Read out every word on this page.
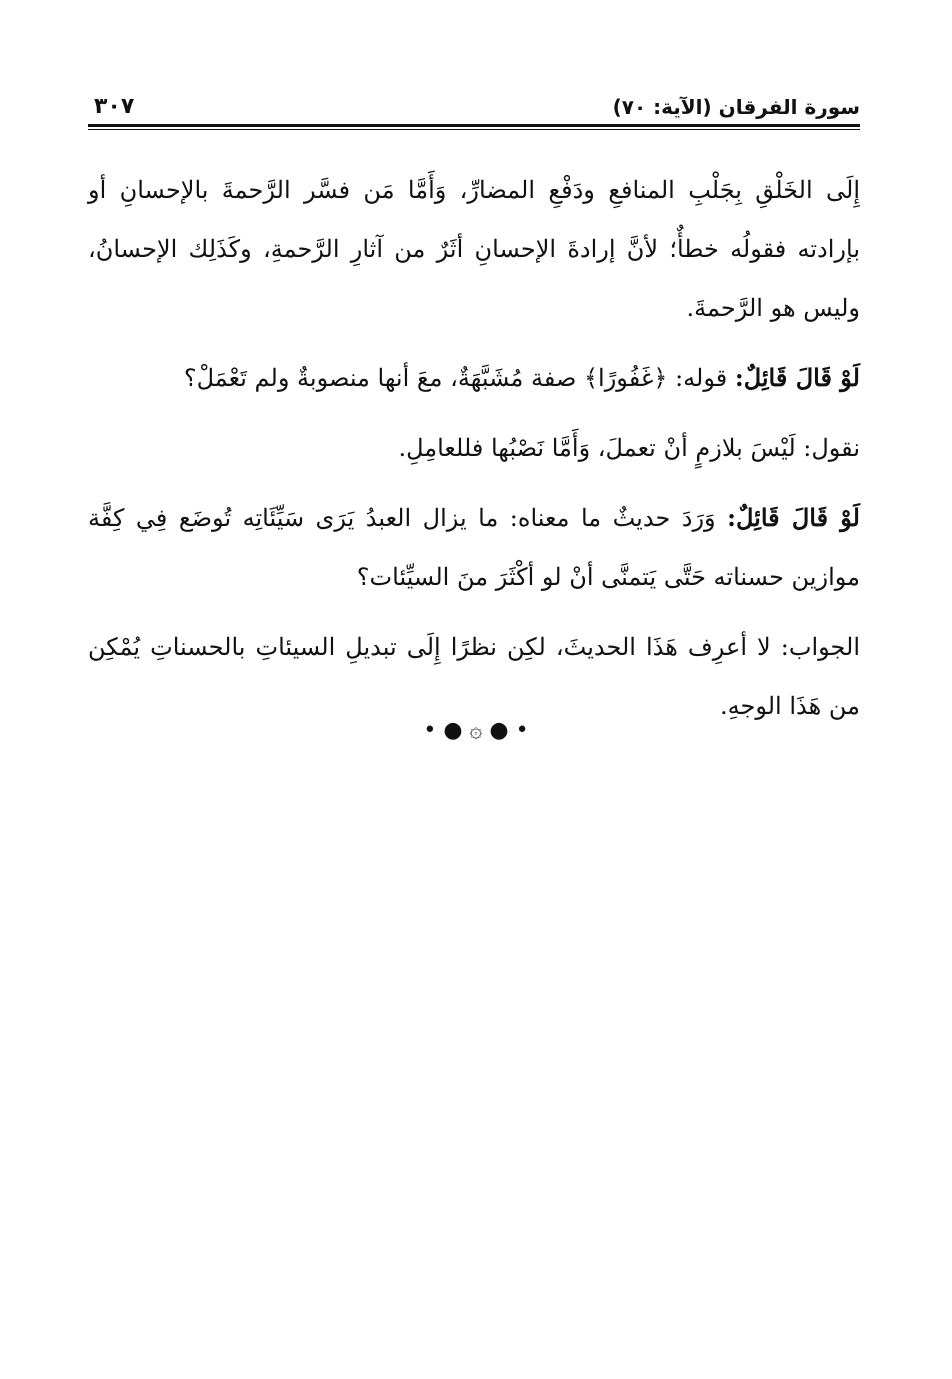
سورة الفرقان (الآية: ٧٠)
٣٠٧

إِلَى الخَلْقِ بِجَلْبِ المنافعِ ودَفْعِ المضارِّ، وَأَمَّا مَن فسَّر الرَّحمةَ بالإحسانِ أو بإرادته فقولُه خطأٌ؛ لأنَّ إرادةَ الإحسانِ أثَرٌ من آثارِ الرَّحمةِ، وكَذَلِك الإحسانُ، وليس هو الرَّحمةَ.

لَوْ قَالَ قَائِلٌ: قوله: ﴿غَفُورًا﴾ صفة مُشَبَّهَةٌ، معَ أنها منصوبةٌ ولم تَعْمَلْ؟

نقول: لَيْسَ بلازمٍ أنْ تعملَ، وَأَمَّا نَصْبُها فللعامِلِ.

لَوْ قَالَ قَائِلٌ: وَرَدَ حديثٌ ما معناه: ما يزال العبدُ يَرَى سَيِّئَاتِه تُوضَع فِي كِفَّة موازين حسناته حَتَّى يَتمنَّى أنْ لو أكْثَرَ منَ السيِّئات؟

الجواب: لا أعرِف هَذَا الحديثَ، لكِن نظرًا إِلَى تبديلِ السيئاتِ بالحسناتِ يُمْكِن من هَذَا الوجهِ.

• ● ۞ ● •
